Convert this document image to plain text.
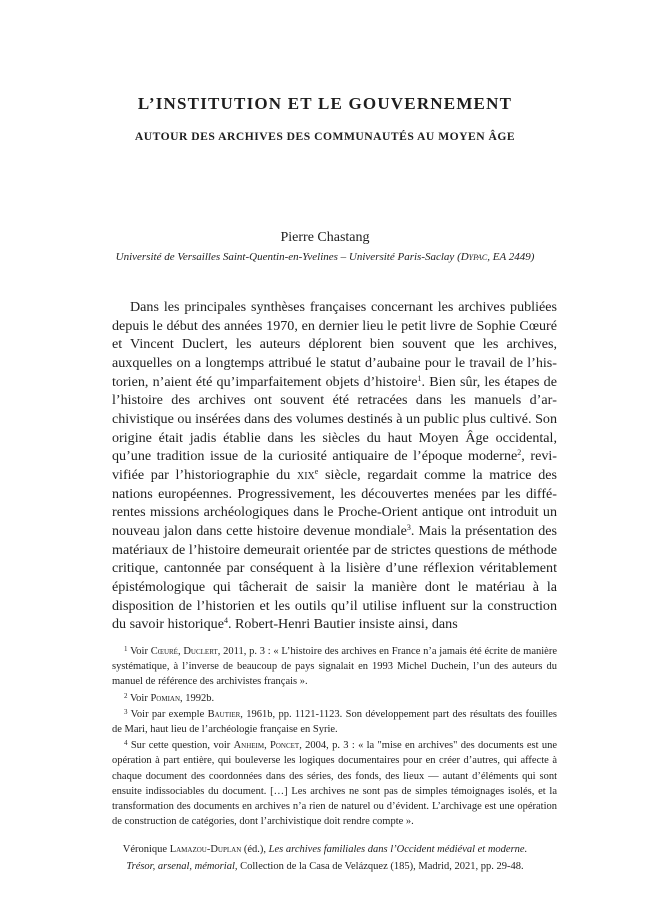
L’INSTITUTION ET LE GOUVERNEMENT
AUTOUR DES ARCHIVES DES COMMUNAUTÉS AU MOYEN ÂGE

Pierre Chastang

Université de Versailles Saint-Quentin-en-Yvelines – Université Paris-Saclay (Dypac, EA 2449)

Dans les principales synthèses françaises concernant les archives publiées depuis le début des années 1970, en dernier lieu le petit livre de Sophie Cœuré et Vincent Duclert, les auteurs déplorent bien souvent que les archives, auxquelles on a longtemps attribué le statut d’aubaine pour le travail de l’historien, n’aient été qu’imparfaitement objets d’histoire$^1$. Bien sûr, les étapes de l’histoire des archives ont souvent été retracées dans les manuels d’archivistique ou insérées dans des volumes destinés à un public plus cultivé. Son origine était jadis établie dans les siècles du haut Moyen Âge occidental, qu’une tradition issue de la curiosité antiquaire de l’époque moderne$^2$, revivifiée par l’historiographie du xix$^e$ siècle, regardait comme la matrice des nations européennes. Progressivement, les découvertes menées par les différentes missions archéologiques dans le Proche-Orient antique ont introduit un nouveau jalon dans cette histoire devenue mondiale$^3$. Mais la présentation des matériaux de l’histoire demeurait orientée par de strictes questions de méthode critique, cantonnée par conséquent à la lisière d’une réflexion véritablement épistémologique qui tâcherait de saisir la manière dont le matériau à la disposition de l’historien et les outils qu’il utilise influent sur la construction du savoir historique$^4$. Robert-Henri Bautier insiste ainsi, dans

$^1$ Voir Cœuré, Duclert, 2011, p. 3 : « L’histoire des archives en France n’a jamais été écrite de manière systématique, à l’inverse de beaucoup de pays signalait en 1993 Michel Duchein, l’un des auteurs du manuel de référence des archivistes français ».

$^2$ Voir Pomian, 1992b.

$^3$ Voir par exemple Bautier, 1961b, pp. 1121-1123. Son développement part des résultats des fouilles de Mari, haut lieu de l’archéologie française en Syrie.

$^4$ Sur cette question, voir Anheim, Poncet, 2004, p. 3 : « la "mise en archives" des documents est une opération à part entière, qui bouleverse les logiques documentaires pour en créer d’autres, qui affecte à chaque document des coordonnées dans des séries, des fonds, des lieux — autant d’éléments qui sont ensuite indissociables du document. […] Les archives ne sont pas de simples témoignages isolés, et la transformation des documents en archives n’a rien de naturel ou d’évident. L’archivage est une opération de construction de catégories, dont l’archivistique doit rendre compte ».

Véronique Lamazou-Duplan (éd.), Les archives familiales dans l’Occident médiéval et moderne.
Trésor, arsenal, mémorial, Collection de la Casa de Velázquez (185), Madrid, 2021, pp. 29-48.
